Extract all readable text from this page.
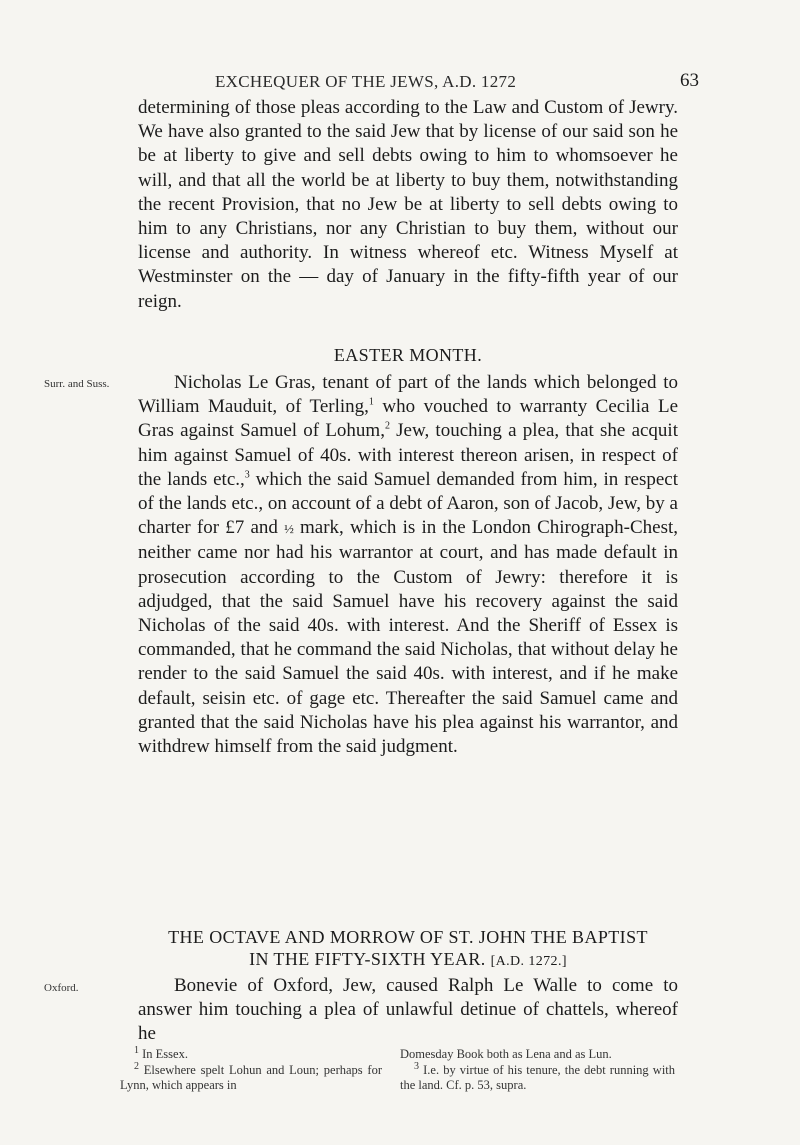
EXCHEQUER OF THE JEWS, A.D. 1272	63

determining of those pleas according to the Law and Custom of Jewry. We have also granted to the said Jew that by license of our said son he be at liberty to give and sell debts owing to him to whomsoever he will, and that all the world be at liberty to buy them, notwithstanding the recent Provision, that no Jew be at liberty to sell debts owing to him to any Christians, nor any Christian to buy them, without our license and authority. In witness whereof etc. Witness Myself at Westminster on the — day of January in the fifty-fifth year of our reign.

EASTER MONTH.
Surr. and Suss.	Nicholas Le Gras, tenant of part of the lands which belonged to William Mauduit, of Terling,$^1$ who vouched to warranty Cecilia Le Gras against Samuel of Lohum,$^2$ Jew, touching a plea, that she acquit him against Samuel of 40s. with interest thereon arisen, in respect of the lands etc.,$^3$ which the said Samuel demanded from him, in respect of the lands etc., on account of a debt of Aaron, son of Jacob, Jew, by a charter for £7 and ½ mark, which is in the London Chirograph-Chest, neither came nor had his warrantor at court, and has made default in prosecution according to the Custom of Jewry: therefore it is adjudged, that the said Samuel have his recovery against the said Nicholas of the said 40s. with interest. And the Sheriff of Essex is commanded, that he command the said Nicholas, that without delay he render to the said Samuel the said 40s. with interest, and if he make default, seisin etc. of gage etc. Thereafter the said Samuel came and granted that the said Nicholas have his plea against his warrantor, and withdrew himself from the said judgment.

THE OCTAVE AND MORROW OF ST. JOHN THE BAPTIST
IN THE FIFTY-SIXTH YEAR. [A.D. 1272.]
Oxford.	Bonevie of Oxford, Jew, caused Ralph Le Walle to come to answer him touching a plea of unlawful detinue of chattels, whereof he

$^1$ In Essex.
$^2$ Elsewhere spelt Lohun and Loun; perhaps for Lynn, which appears in
Domesday Book both as Lena and as Lun.
$^3$ I.e. by virtue of his tenure, the debt running with the land. Cf. p. 53, supra.
